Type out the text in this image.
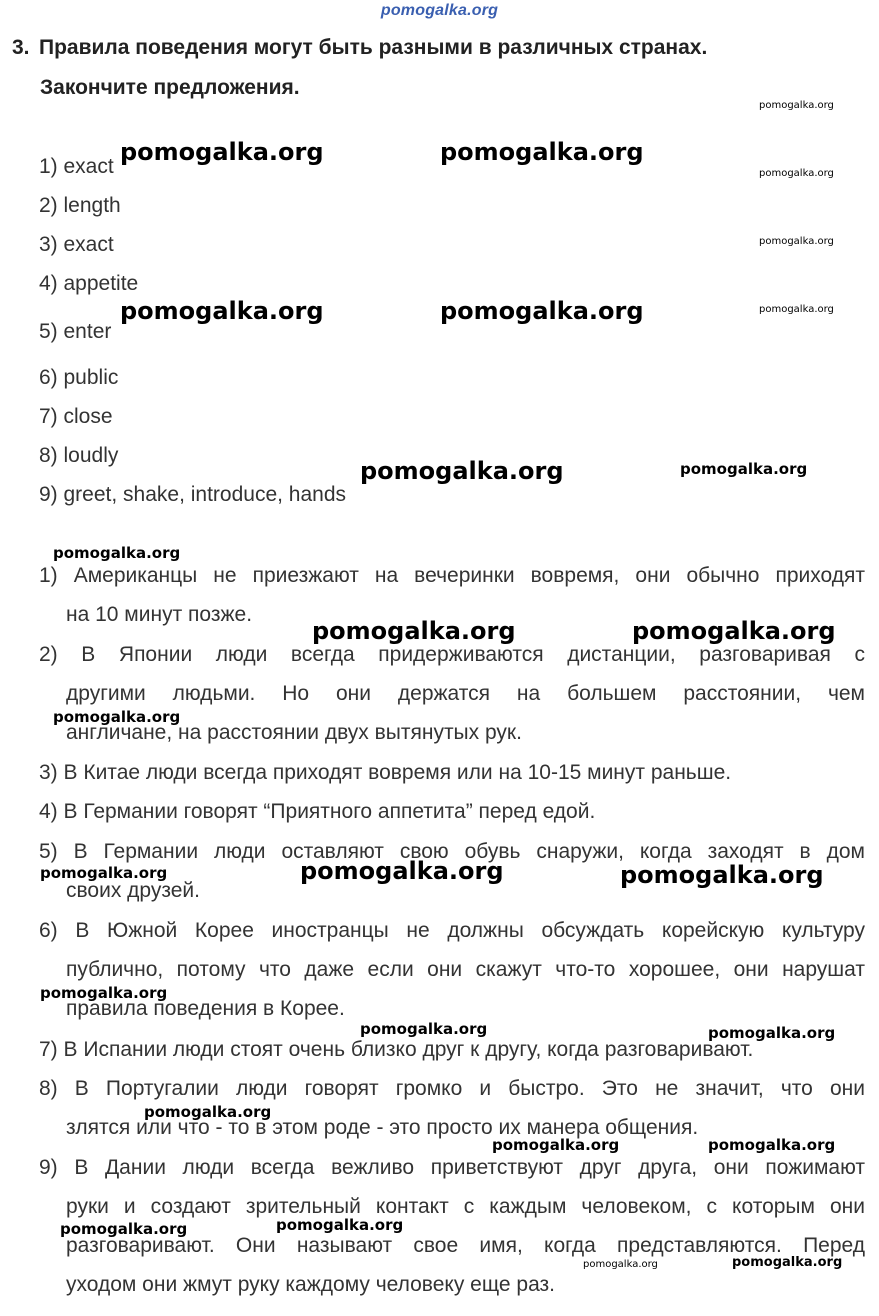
pomogalka.org
3. Правила поведения могут быть разными в различных странах.
Закончите предложения.
1) exact
2) length
3) exact
4) appetite
5) enter
6) public
7) close
8) loudly
9) greet, shake, introduce, hands
1) Американцы не приезжают на вечеринки вовремя, они обычно приходят
на 10 минут позже.
2) В Японии люди всегда придерживаются дистанции, разговаривая с
другими людьми. Но они держатся на большем расстоянии, чем
англичане, на расстоянии двух вытянутых рук.
3) В Китае люди всегда приходят вовремя или на 10-15 минут раньше.
4) В Германии говорят “Приятного аппетита” перед едой.
5) В Германии люди оставляют свою обувь снаружи, когда заходят в дом
своих друзей.
6) В Южной Корее иностранцы не должны обсуждать корейскую культуру
публично, потому что даже если они скажут что-то хорошее, они нарушат
правила поведения в Корее.
7) В Испании люди стоят очень близко друг к другу, когда разговаривают.
8) В Португалии люди говорят громко и быстро. Это не значит, что они
злятся или что - то в этом роде - это просто их манера общения.
9) В Дании люди всегда вежливо приветствуют друг друга, они пожимают
руки и создают зрительный контакт с каждым человеком, с которым они
разговаривают. Они называют свое имя, когда представляются. Перед
уходом они жмут руку каждому человеку еще раз.
pomogalka.org
pomogalka.org	pomogalka.org
pomogalka.org
pomogalka.org
pomogalka.org	pomogalka.org	pomogalka.org
pomogalka.org	pomogalka.org
pomogalka.org
pomogalka.org	pomogalka.org
pomogalka.org
pomogalka.org	pomogalka.org	pomogalka.org
pomogalka.org
pomogalka.org	pomogalka.org
pomogalka.org
pomogalka.org	pomogalka.org
pomogalka.org	pomogalka.org
pomogalka.org	pomogalka.org
